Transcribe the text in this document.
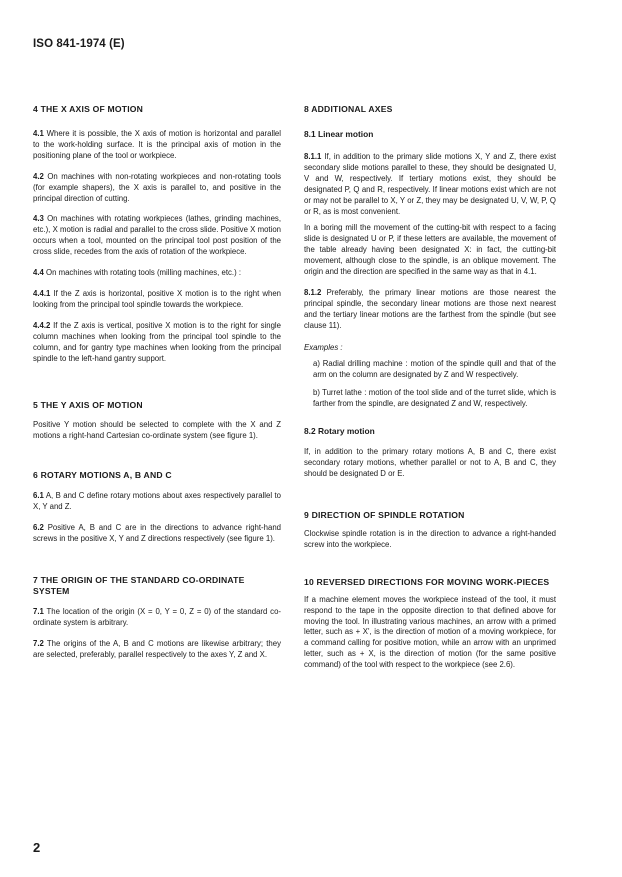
ISO 841-1974 (E)
4 THE X AXIS OF MOTION

4.1 Where it is possible, the X axis of motion is horizontal and parallel to the work-holding surface. It is the principal axis of motion in the positioning plane of the tool or workpiece.

4.2 On machines with non-rotating workpieces and non-rotating tools (for example shapers), the X axis is parallel to, and positive in the principal direction of cutting.

4.3 On machines with rotating workpieces (lathes, grinding machines, etc.), X motion is radial and parallel to the cross slide. Positive X motion occurs when a tool, mounted on the principal tool post position of the cross slide, recedes from the axis of rotation of the workpiece.

4.4 On machines with rotating tools (milling machines, etc.) :

4.4.1 If the Z axis is horizontal, positive X motion is to the right when looking from the principal tool spindle towards the workpiece.

4.4.2 If the Z axis is vertical, positive X motion is to the right for single column machines when looking from the principal tool spindle to the column, and for gantry type machines when looking from the principal spindle to the left-hand gantry support.

5 THE Y AXIS OF MOTION

Positive Y motion should be selected to complete with the X and Z motions a right-hand Cartesian co-ordinate system (see figure 1).

6 ROTARY MOTIONS A, B AND C

6.1 A, B and C define rotary motions about axes respectively parallel to X, Y and Z.

6.2 Positive A, B and C are in the directions to advance right-hand screws in the positive X, Y and Z directions respectively (see figure 1).

7 THE ORIGIN OF THE STANDARD CO-ORDINATE SYSTEM

7.1 The location of the origin (X = 0, Y = 0, Z = 0) of the standard co-ordinate system is arbitrary.

7.2 The origins of the A, B and C motions are likewise arbitrary; they are selected, preferably, parallel respectively to the axes Y, Z and X.

8 ADDITIONAL AXES
8.1 Linear motion

8.1.1 If, in addition to the primary slide motions X, Y and Z, there exist secondary slide motions parallel to these, they should be designated U, V and W, respectively. If tertiary motions exist, they should be designated P, Q and R, respectively. If linear motions exist which are not or may not be parallel to X, Y or Z, they may be designated U, V, W, P, Q or R, as is most convenient.

In a boring mill the movement of the cutting-bit with respect to a facing slide is designated U or P, if these letters are available, the movement of the table already having been designated X: in fact, the cutting-bit movement, although close to the spindle, is an oblique movement. The origin and the direction are specified in the same way as that in 4.1.

8.1.2 Preferably, the primary linear motions are those nearest the principal spindle, the secondary linear motions are those next nearest and the tertiary linear motions are the farthest from the spindle (but see clause 11).

Examples :

a) Radial drilling machine : motion of the spindle quill and that of the arm on the column are designated by Z and W respectively.

b) Turret lathe : motion of the tool slide and of the turret slide, which is farther from the spindle, are designated Z and W, respectively.

8.2 Rotary motion

If, in addition to the primary rotary motions A, B and C, there exist secondary rotary motions, whether parallel or not to A, B and C, they should be designated D or E.

9 DIRECTION OF SPINDLE ROTATION

Clockwise spindle rotation is in the direction to advance a right-handed screw into the workpiece.

10 REVERSED DIRECTIONS FOR MOVING WORK-PIECES

If a machine element moves the workpiece instead of the tool, it must respond to the tape in the opposite direction to that defined above for moving the tool. In illustrating various machines, an arrow with a primed letter, such as + X', is the direction of motion of a moving workpiece, for a command calling for positive motion, while an arrow with an unprimed letter, such as + X, is the direction of motion (for the same positive command) of the tool with respect to the workpiece (see 2.6).

2
